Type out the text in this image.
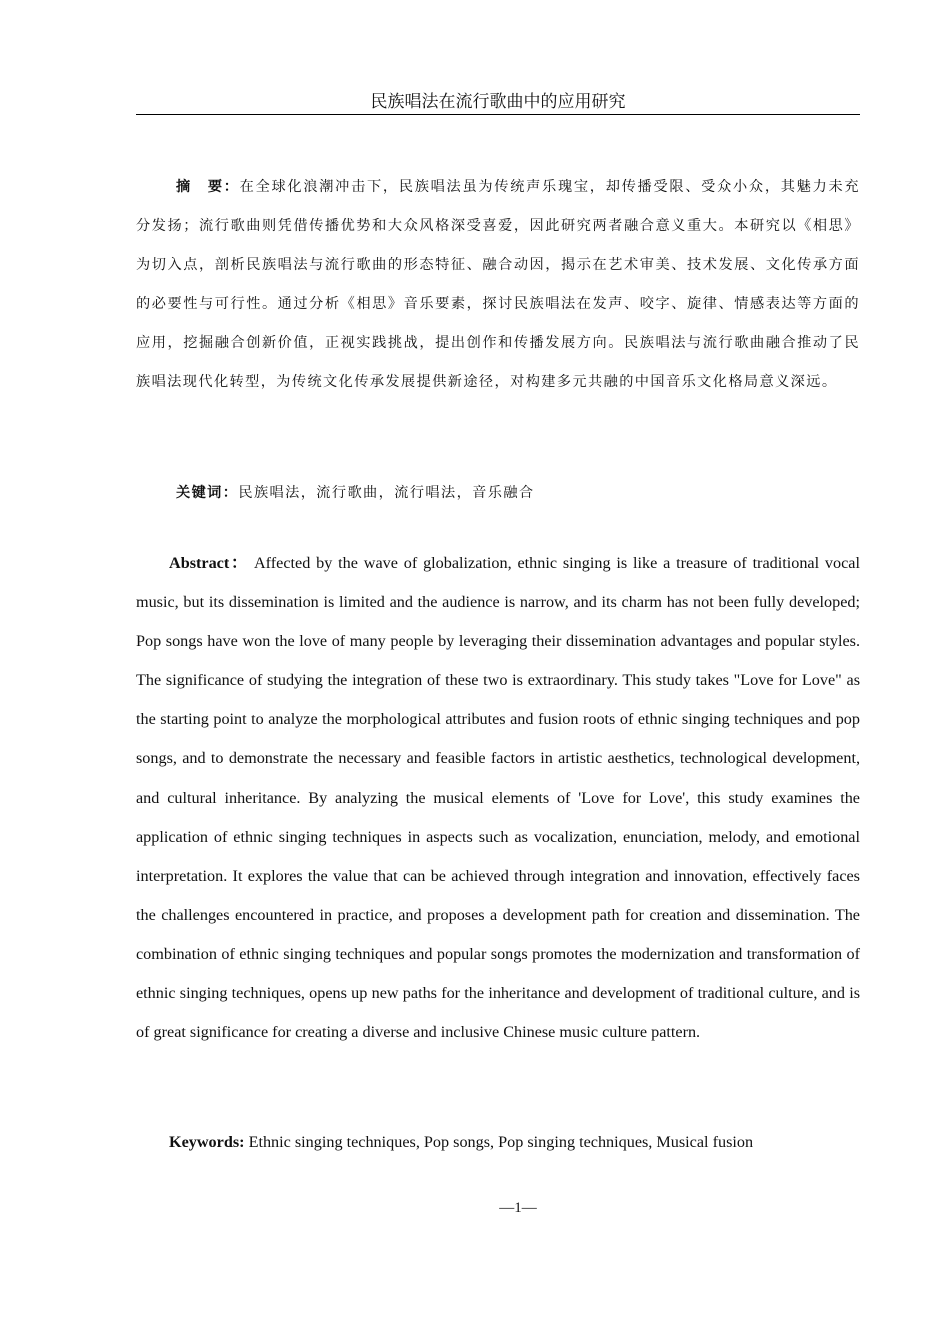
民族唱法在流行歌曲中的应用研究
摘　要：在全球化浪潮冲击下，民族唱法虽为传统声乐瑰宝，却传播受限、受众小众，其魅力未充分发扬；流行歌曲则凭借传播优势和大众风格深受喜爱，因此研究两者融合意义重大。本研究以《相思》为切入点，剖析民族唱法与流行歌曲的形态特征、融合动因，揭示在艺术审美、技术发展、文化传承方面的必要性与可行性。通过分析《相思》音乐要素，探讨民族唱法在发声、咬字、旋律、情感表达等方面的应用，挖掘融合创新价值，正视实践挑战，提出创作和传播发展方向。民族唱法与流行歌曲融合推动了民族唱法现代化转型，为传统文化传承发展提供新途径，对构建多元共融的中国音乐文化格局意义深远。
关键词：民族唱法，流行歌曲，流行唱法，音乐融合
Abstract： Affected by the wave of globalization, ethnic singing is like a treasure of traditional vocal music, but its dissemination is limited and the audience is narrow, and its charm has not been fully developed; Pop songs have won the love of many people by leveraging their dissemination advantages and popular styles. The significance of studying the integration of these two is extraordinary. This study takes "Love for Love" as the starting point to analyze the morphological attributes and fusion roots of ethnic singing techniques and pop songs, and to demonstrate the necessary and feasible factors in artistic aesthetics, technological development, and cultural inheritance. By analyzing the musical elements of 'Love for Love', this study examines the application of ethnic singing techniques in aspects such as vocalization, enunciation, melody, and emotional interpretation. It explores the value that can be achieved through integration and innovation, effectively faces the challenges encountered in practice, and proposes a development path for creation and dissemination. The combination of ethnic singing techniques and popular songs promotes the modernization and transformation of ethnic singing techniques, opens up new paths for the inheritance and development of traditional culture, and is of great significance for creating a diverse and inclusive Chinese music culture pattern.
Keywords: Ethnic singing techniques, Pop songs, Pop singing techniques, Musical fusion
—1—
